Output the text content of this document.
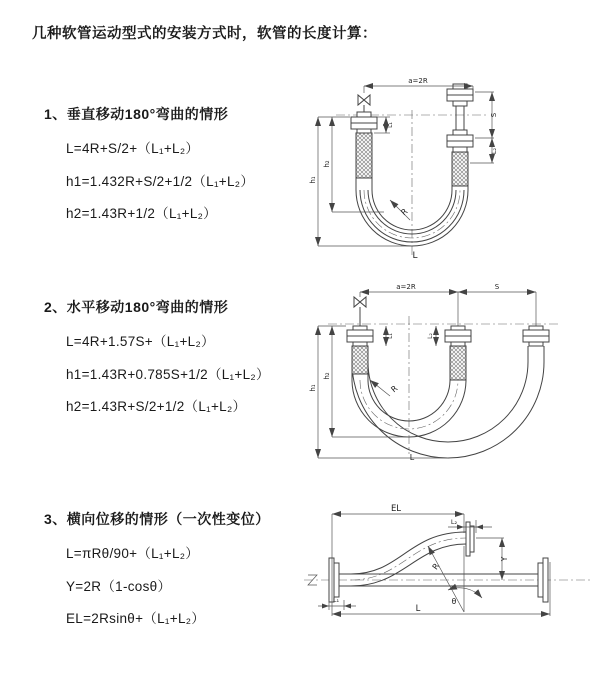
几种软管运动型式的安装方式时，软管的长度计算：
1、垂直移动180°弯曲的情形
L=4R+S/2+（L₁+L₂）
h1=1.432R+S/2+1/2（L₁+L₂）
h2=1.43R+1/2（L₁+L₂）
2、水平移动180°弯曲的情形
L=4R+1.57S+（L₁+L₂）
h1=1.43R+0.785S+1/2（L₁+L₂）
h2=1.43R+S/2+1/2（L₁+L₂）
3、横向位移的情形（一次性变位）
L=πRθ/90+（L₁+L₂）
Y=2R（1-cosθ）
EL=2Rsinθ+（L₁+L₂）
a=2R
S
L₂
h₁
h₂
L₁
R
L
a=2R	S
h₁
h₂
L₁	L₂
R
L
EL
L₂
Y
R
θ
L
L₁
